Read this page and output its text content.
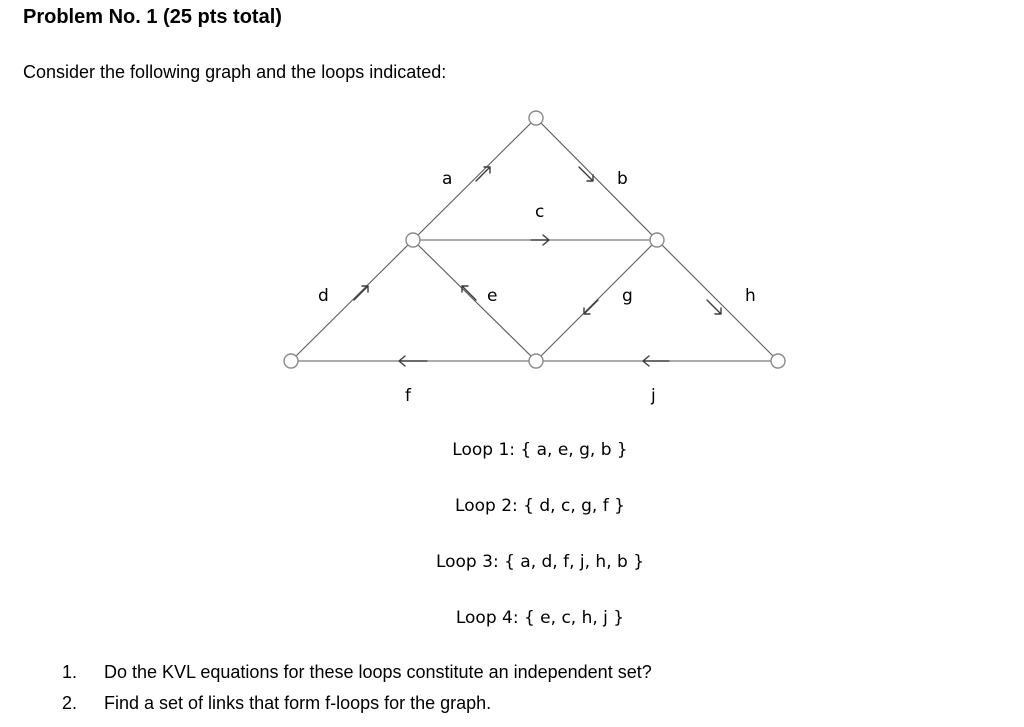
Problem No. 1 (25 pts total)

Consider the following graph and the loops indicated:

a	b
c
d	e	g	h
f	j
Loop 1: { a, e, g, b }
Loop 2: { d, c, g, f }
Loop 3: { a, d, f, j, h, b }
Loop 4: { e, c, h, j }
1.	Do the KVL equations for these loops constitute an independent set?
2.	Find a set of links that form f-loops for the graph.
